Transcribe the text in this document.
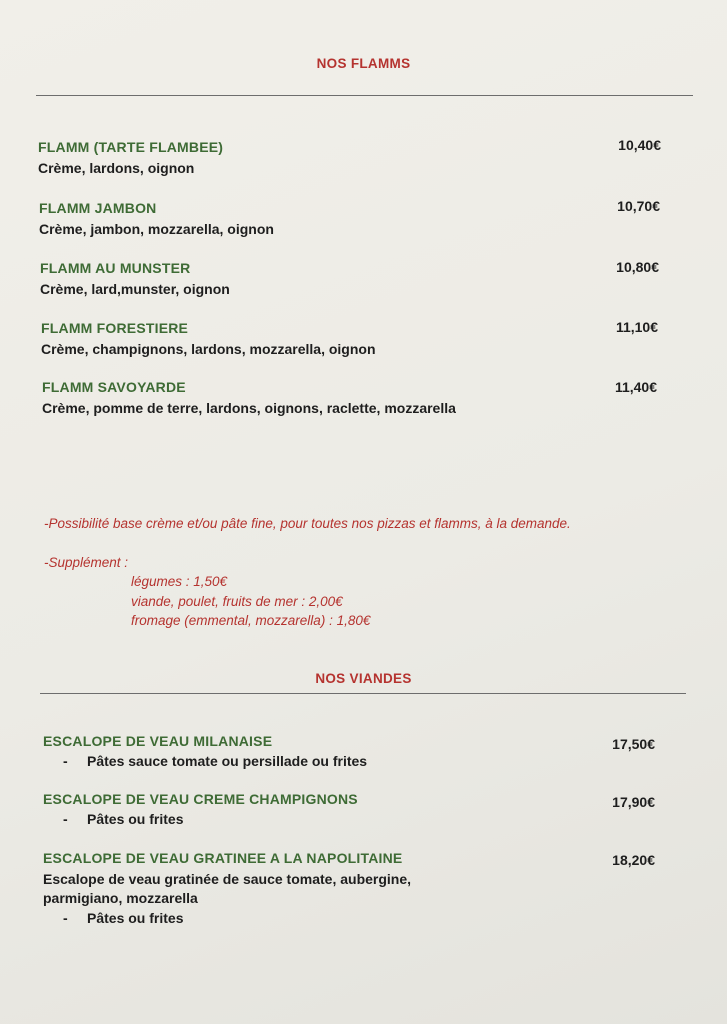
NOS FLAMMS
FLAMM (TARTE FLAMBEE)
Crème, lardons, oignon
10,40€
FLAMM JAMBON
Crème, jambon, mozzarella, oignon
10,70€
FLAMM AU MUNSTER
Crème, lard,munster, oignon
10,80€
FLAMM FORESTIERE
Crème, champignons, lardons, mozzarella, oignon
11,10€
FLAMM SAVOYARDE
Crème, pomme de terre, lardons, oignons, raclette, mozzarella
11,40€
-Possibilité base crème et/ou pâte fine, pour toutes nos pizzas et flamms, à la demande.
-Supplément :
légumes : 1,50€
viande, poulet, fruits de mer : 2,00€
fromage (emmental, mozzarella) : 1,80€
NOS VIANDES
ESCALOPE DE VEAU MILANAISE
- Pâtes sauce tomate ou persillade ou frites
17,50€
ESCALOPE DE VEAU CREME CHAMPIGNONS
- Pâtes ou frites
17,90€
ESCALOPE DE VEAU GRATINEE A LA NAPOLITAINE
Escalope de veau gratinée de sauce tomate, aubergine,
parmigiano, mozzarella
- Pâtes ou frites
18,20€
